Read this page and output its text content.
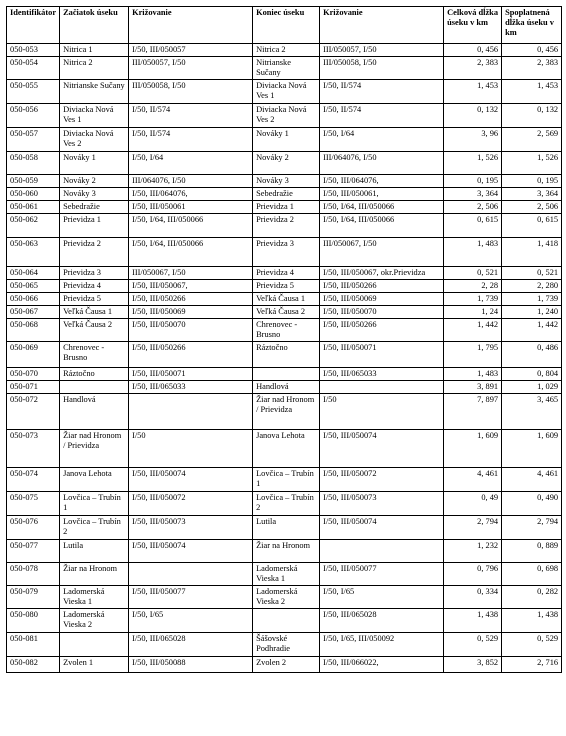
Identifikátor	Začiatok úseku	Križovanie	Koniec úseku	Križovanie	Celková dĺžka úseku v km	Spoplatnená dĺžka úseku v km
050-053	Nitrica 1	I/50, III/050057	Nitrica 2	III/050057, I/50	0, 456	0, 456
050-054	Nitrica 2	III/050057, I/50	Nitrianske Sučany	III/050058, I/50	2, 383	2, 383
050-055	Nitrianske Sučany	III/050058, I/50	Diviacka Nová Ves 1	I/50, II/574	1, 453	1, 453
050-056	Diviacka Nová Ves 1	I/50, II/574	Diviacka Nová Ves 2	I/50, II/574	0, 132	0, 132
050-057	Diviacka Nová Ves 2	I/50, II/574	Nováky 1	I/50, I/64	3, 96	2, 569
050-058	Nováky 1	I/50, I/64	Nováky 2	III/064076, I/50	1, 526	1, 526
050-059	Nováky 2	III/064076, I/50	Nováky 3	I/50, III/064076,	0, 195	0, 195
050-060	Nováky 3	I/50, III/064076,	Sebedražie	I/50, III/050061,	3, 364	3, 364
050-061	Sebedražie	I/50, III/050061	Prievidza 1	I/50, I/64, III/050066	2, 506	2, 506
050-062	Prievidza 1	I/50, I/64, III/050066	Prievidza 2	I/50, I/64, III/050066	0, 615	0, 615
050-063	Prievidza 2	I/50, I/64, III/050066	Prievidza 3	III/050067, I/50	1, 483	1, 418
050-064	Prievidza 3	III/050067, I/50	Prievidza 4	I/50, III/050067, okr.Prievidza	0, 521	0, 521
050-065	Prievidza 4	I/50, III/050067,	Prievidza 5	I/50, III/050266	2, 28	2, 280
050-066	Prievidza 5	I/50, III/050266	Veľká Čausa 1	I/50, III/050069	1, 739	1, 739
050-067	Veľká Čausa 1	I/50, III/050069	Veľká Čausa 2	I/50, III/050070	1, 24	1, 240
050-068	Veľká Čausa 2	I/50, III/050070	Chrenovec - Brusno	I/50, III/050266	1, 442	1, 442
050-069	Chrenovec - Brusno	I/50, III/050266	Ráztočno	I/50, III/050071	1, 795	0, 486
050-070	Ráztočno	I/50, III/050071		I/50, III/065033	1, 483	0, 804
050-071		I/50, III/065033	Handlová		3, 891	1, 029
050-072	Handlová		Žiar nad Hronom / Prievidza	I/50	7, 897	3, 465
050-073	Žiar nad Hronom / Prievidza	I/50	Janova Lehota	I/50, III/050074	1, 609	1, 609
050-074	Janova Lehota	I/50, III/050074	Lovčica – Trubín 1	I/50, III/050072	4, 461	4, 461
050-075	Lovčica – Trubín 1	I/50, III/050072	Lovčica – Trubín 2	I/50, III/050073	0, 49	0, 490
050-076	Lovčica – Trubín 2	I/50, III/050073	Lutila	I/50, III/050074	2, 794	2, 794
050-077	Lutila	I/50, III/050074	Žiar na Hronom		1, 232	0, 889
050-078	Žiar na Hronom		Ladomerská Vieska 1	I/50, III/050077	0, 796	0, 698
050-079	Ladomerská Vieska 1	I/50, III/050077	Ladomerská Vieska 2	I/50, I/65	0, 334	0, 282
050-080	Ladomerská Vieska 2	I/50, I/65		I/50, III/065028	1, 438	1, 438
050-081		I/50, III/065028	Šášovské Podhradie	I/50, I/65, III/050092	0, 529	0, 529
050-082	Zvolen 1	I/50, III/050088	Zvolen 2	I/50, III/066022,	3, 852	2, 716
